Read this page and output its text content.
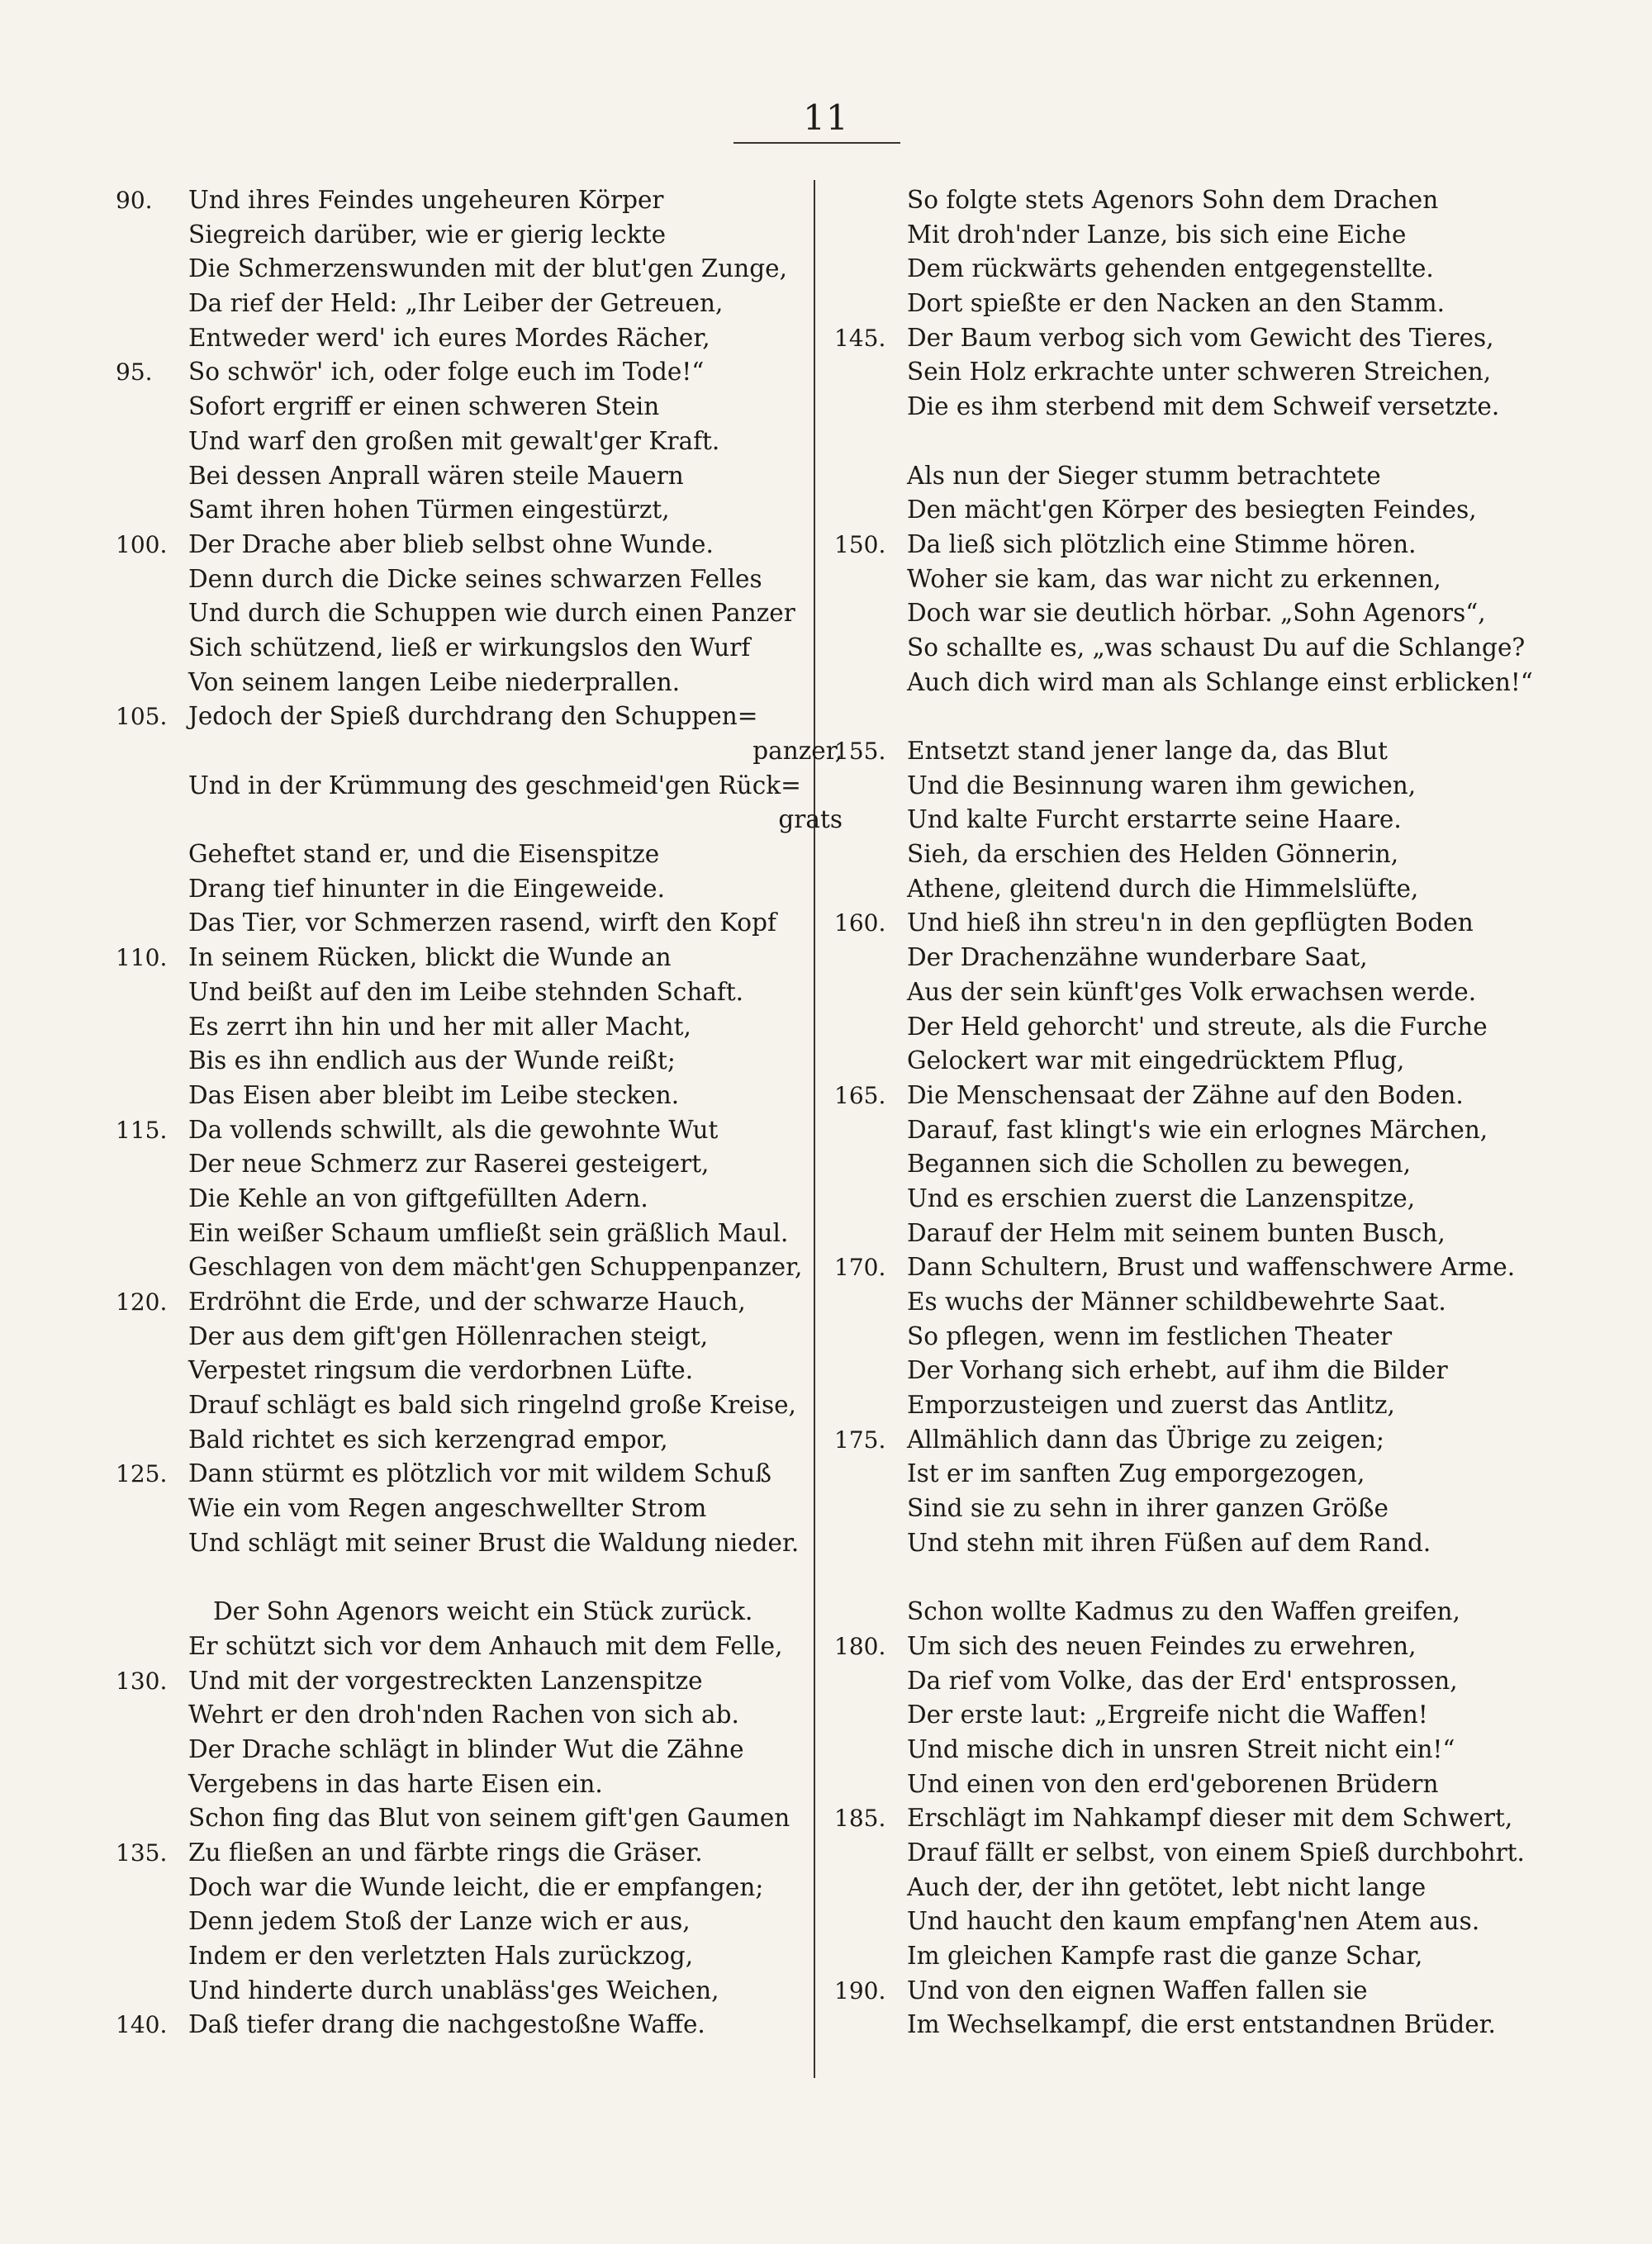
11
90.	Und ihres Feindes ungeheuren Körper
Siegreich darüber, wie er gierig leckte
Die Schmerzenswunden mit der blut'gen Zunge,
Da rief der Held: „Ihr Leiber der Getreuen,
Entweder werd' ich eures Mordes Rächer,
95.	So schwör' ich, oder folge euch im Tode!“
Sofort ergriff er einen schweren Stein
Und warf den großen mit gewalt'ger Kraft.
Bei dessen Anprall wären steile Mauern
Samt ihren hohen Türmen eingestürzt,
100. Der Drache aber blieb selbst ohne Wunde.
Denn durch die Dicke seines schwarzen Felles
Und durch die Schuppen wie durch einen Panzer
Sich schützend, ließ er wirkungslos den Wurf
Von seinem langen Leibe niederprallen.
105. Jedoch der Spieß durchdrang den Schuppen=
panzer,
Und in der Krümmung des geschmeid'gen Rück=
grats
Geheftet stand er, und die Eisenspitze
Drang tief hinunter in die Eingeweide.
Das Tier, vor Schmerzen rasend, wirft den Kopf
110. In seinem Rücken, blickt die Wunde an
Und beißt auf den im Leibe stehnden Schaft.
Es zerrt ihn hin und her mit aller Macht,
Bis es ihn endlich aus der Wunde reißt;
Das Eisen aber bleibt im Leibe stecken.
115. Da vollends schwillt, als die gewohnte Wut
Der neue Schmerz zur Raserei gesteigert,
Die Kehle an von giftgefüllten Adern.
Ein weißer Schaum umfließt sein gräßlich Maul.
Geschlagen von dem mächt'gen Schuppenpanzer,
120. Erdröhnt die Erde, und der schwarze Hauch,
Der aus dem gift'gen Höllenrachen steigt,
Verpestet ringsum die verdorbnen Lüfte.
Drauf schlägt es bald sich ringelnd große Kreise,
Bald richtet es sich kerzengrad empor,
125. Dann stürmt es plötzlich vor mit wildem Schuß
Wie ein vom Regen angeschwellter Strom
Und schlägt mit seiner Brust die Waldung nieder.
Der Sohn Agenors weicht ein Stück zurück.
Er schützt sich vor dem Anhauch mit dem Felle,
130. Und mit der vorgestreckten Lanzenspitze
Wehrt er den droh'nden Rachen von sich ab.
Der Drache schlägt in blinder Wut die Zähne
Vergebens in das harte Eisen ein.
Schon fing das Blut von seinem gift'gen Gaumen
135. Zu fließen an und färbte rings die Gräser.
Doch war die Wunde leicht, die er empfangen;
Denn jedem Stoß der Lanze wich er aus,
Indem er den verletzten Hals zurückzog,
Und hinderte durch unabläss'ges Weichen,
140. Daß tiefer drang die nachgestoßne Waffe.
So folgte stets Agenors Sohn dem Drachen
Mit droh'nder Lanze, bis sich eine Eiche
Dem rückwärts gehenden entgegenstellte.
Dort spießte er den Nacken an den Stamm.
145. Der Baum verbog sich vom Gewicht des Tieres,
Sein Holz erkrachte unter schweren Streichen,
Die es ihm sterbend mit dem Schweif versetzte.
Als nun der Sieger stumm betrachtete
Den mächt'gen Körper des besiegten Feindes,
150. Da ließ sich plötzlich eine Stimme hören.
Woher sie kam, das war nicht zu erkennen,
Doch war sie deutlich hörbar. „Sohn Agenors“,
So schallte es, „was schaust Du auf die Schlange?
Auch dich wird man als Schlange einst erblicken!“
155. Entsetzt stand jener lange da, das Blut
Und die Besinnung waren ihm gewichen,
Und kalte Furcht erstarrte seine Haare.
Sieh, da erschien des Helden Gönnerin,
Athene, gleitend durch die Himmelslüfte,
160. Und hieß ihn streu'n in den gepflügten Boden
Der Drachenzähne wunderbare Saat,
Aus der sein künft'ges Volk erwachsen werde.
Der Held gehorcht' und streute, als die Furche
Gelockert war mit eingedrücktem Pflug,
165. Die Menschensaat der Zähne auf den Boden.
Darauf, fast klingt's wie ein erlognes Märchen,
Begannen sich die Schollen zu bewegen,
Und es erschien zuerst die Lanzenspitze,
Darauf der Helm mit seinem bunten Busch,
170. Dann Schultern, Brust und waffenschwere Arme.
Es wuchs der Männer schildbewehrte Saat.
So pflegen, wenn im festlichen Theater
Der Vorhang sich erhebt, auf ihm die Bilder
Emporzusteigen und zuerst das Antlitz,
175. Allmählich dann das Übrige zu zeigen;
Ist er im sanften Zug emporgezogen,
Sind sie zu sehn in ihrer ganzen Größe
Und stehn mit ihren Füßen auf dem Rand.
Schon wollte Kadmus zu den Waffen greifen,
180. Um sich des neuen Feindes zu erwehren,
Da rief vom Volke, das der Erd' entsprossen,
Der erste laut: „Ergreife nicht die Waffen!
Und mische dich in unsren Streit nicht ein!“
Und einen von den erd'geborenen Brüdern
185. Erschlägt im Nahkampf dieser mit dem Schwert,
Drauf fällt er selbst, von einem Spieß durchbohrt.
Auch der, der ihn getötet, lebt nicht lange
Und haucht den kaum empfang'nen Atem aus.
Im gleichen Kampfe rast die ganze Schar,
190. Und von den eignen Waffen fallen sie
Im Wechselkampf, die erst entstandnen Brüder.
